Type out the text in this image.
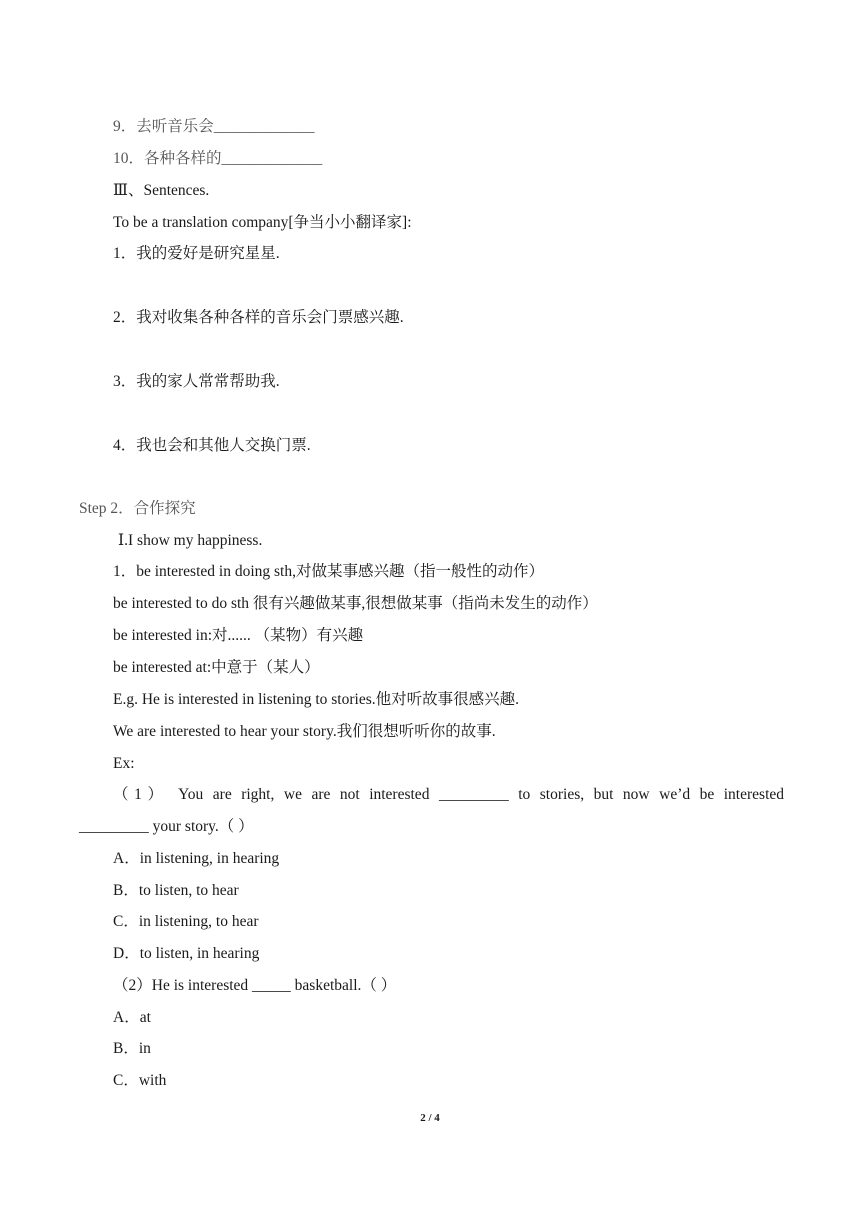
9．去听音乐会_____________
10．各种各样的_____________
Ⅲ、Sentences.
To be a translation company[争当小小翻译家]:
1．我的爱好是研究星星.
2．我对收集各种各样的音乐会门票感兴趣.
3．我的家人常常帮助我.
4．我也会和其他人交换门票.
Step 2．合作探究
Ⅰ.I show my happiness.
1．be interested in doing sth,对做某事感兴趣（指一般性的动作）
be interested to do sth 很有兴趣做某事,很想做某事（指尚未发生的动作）
be interested in:对...... （某物）有兴趣
be interested at:中意于（某人）
E.g. He is interested in listening to stories.他对听故事很感兴趣.
We are interested to hear your story.我们很想听听你的故事.
Ex:
（1） You are right, we are not interested _________ to stories, but now we’d be interested
_________ your story.（ ）
A．in listening, in hearing
B．to listen, to hear
C．in listening, to hear
D．to listen, in hearing
（2）He is interested _____ basketball.（ ）
A．at
B．in
C．with
2 / 4
